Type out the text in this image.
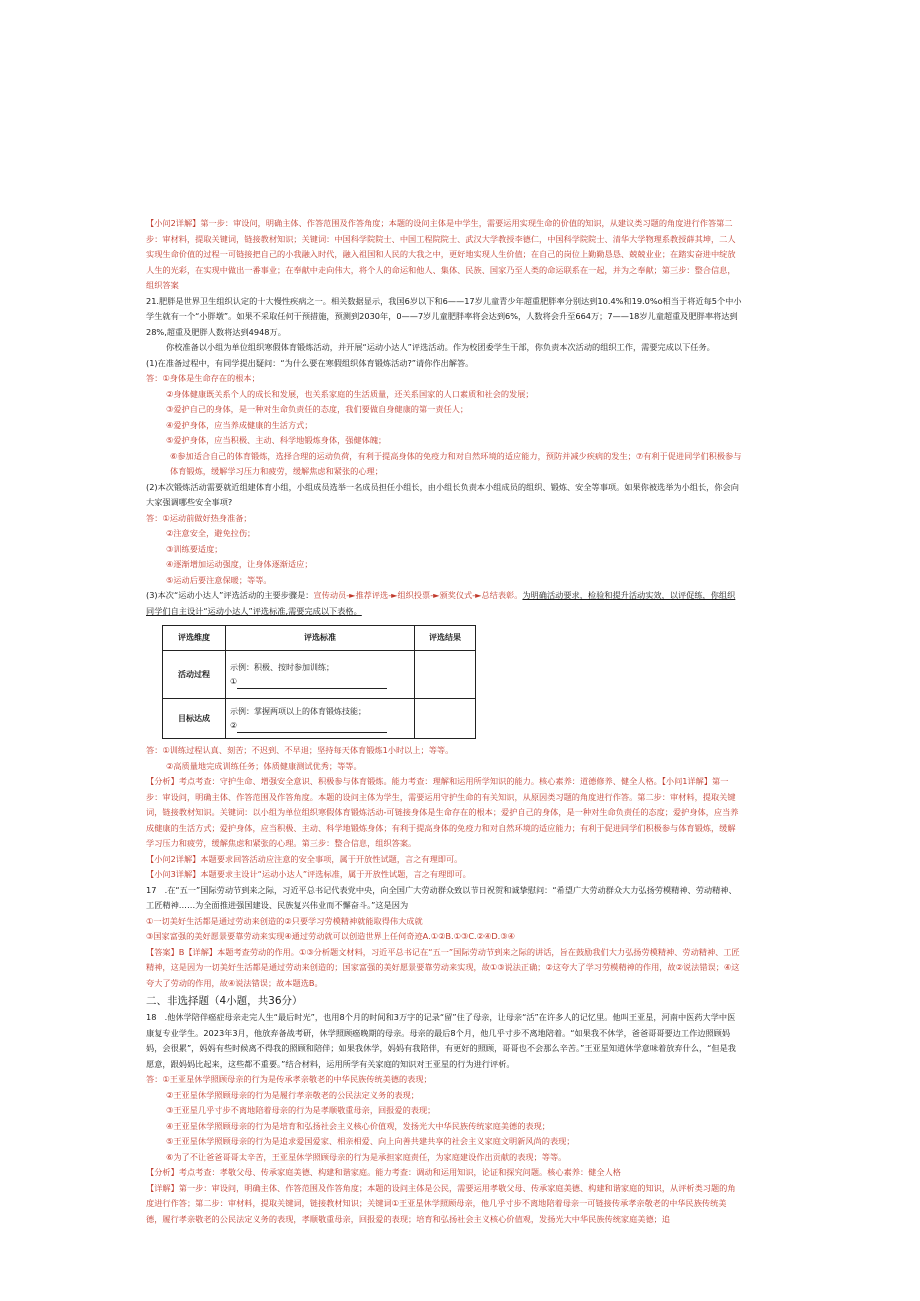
【小问2详解】第一步：审设问，明确主体、作答范围及作答角度；本题的设问主体是中学生，需要运用实现生命的价值的知识，从建议类习题的角度进行作答第二步：审材料，提取关键词，链接教材知识；关键词：中国科学院院士、中国工程院院士、武汉大学教授李德仁，中国科学院院士、清华大学物理系教授薛其坤，二人实现生命价值的过程一可链接把自己的小我融入时代，融入祖国和人民的大我之中，更好地实现人生价值；在自己的岗位上勤勤恳恳、兢兢业业；在踏实奋进中绽放人生的光彩，在实现中做出一番事业；在奉献中走向伟大，将个人的命运和他人、集体、民族、国家乃至人类的命运联系在一起，并为之奉献；第三步：整合信息，组织答案

21.肥胖是世界卫生组织认定的十大慢性疾病之一。相关数据显示，我国6岁以下和6——17岁儿童青少年超重肥胖率分别达到10.4%和19.0%o相当于将近每5个中小学生就有一个“小胖墩”。如果不采取任何干预措施，预测到2030年，0——7岁儿童肥胖率将会达到6%，人数将会升至664万；7——18岁儿童超重及肥胖率将达到28%,超重及肥胖人数将达到4948万。

你校准备以小组为单位组织寒假体育锻炼活动，并开展“运动小达人”评选活动。作为校团委学生干部，你负责本次活动的组织工作，需要完成以下任务。

(1)在准备过程中，有同学提出疑问：“为什么要在寒假组织体育锻炼活动?”请你作出解答。

答：①身体是生命存在的根本；

②身体健康既关系个人的成长和发展，也关系家庭的生活质量，还关系国家的人口素质和社会的发展；

③爱护自己的身体，是一种对生命负责任的态度，我们要做自身健康的第一责任人；

④爱护身体，应当养成健康的生活方式；

⑤爱护身体，应当积极、主动、科学地锻炼身体，强健体魄；

⑥参加适合自己的体育锻炼，选择合理的运动负荷，有利于提高身体的免疫力和对自然环境的适应能力，预防并减少疾病的发生；⑦有利于促进同学们积极参与体育锻炼，缓解学习压力和疲劳，缓解焦虑和紧张的心理；

(2)本次锻炼活动需要就近组建体育小组，小组成员选举一名成员担任小组长，由小组长负责本小组成员的组织、锻炼、安全等事项。如果你被选举为小组长，你会向大家强调哪些安全事项?

答：①运动前做好热身准备；

②注意安全，避免拉伤；

③训练要适度；

④逐渐增加运动强度，让身体逐渐适应；

⑤运动后要注意保暖；等等。

(3)本次“运动小达人”评选活动的主要步骤是：宣传动员-►推荐评选-►组织投票-►颁奖仪式-►总结表彰。为明确活动要求，检验和提升活动实效，以评促练，你组织同学们自主设计“运动小达人”评选标准,需要完成以下表格。

评选维度	评选标准	评选结果
活动过程	示例：积极、按时参加训练；
①	

目标达成	示例：掌握两项以上的体育锻炼技能；
②	

答：①训练过程认真、刻苦；不迟到、不早退；坚持每天体育锻炼1小时以上；等等。

②高质量地完成训练任务；体质健康测试优秀；等等。

【分析】考点考查：守护生命、增强安全意识、积极参与体育锻炼。能力考查：理解和运用所学知识的能力。核心素养：道德修养、健全人格。【小问1详解】第一步：审设问，明确主体、作答范围及作答角度。本题的设问主体为学生，需要运用守护生命的有关知识，从原因类习题的角度进行作答。第二步：审材料，提取关键词，链接教材知识。关键词：以小组为单位组织寒假体育锻炼活动-可链接身体是生命存在的根本；爱护自己的身体，是一种对生命负责任的态度；爱护身体，应当养成健康的生活方式；爱护身体，应当积极、主动、科学地锻炼身体；有利于提高身体的免疫力和对自然环境的适应能力；有利于促进同学们积极参与体育锻炼，缓解学习压力和疲劳，缓解焦虑和紧张的心理。第三步：整合信息，组织答案。

【小问2详解】本题要求回答活动应注意的安全事项，属于开放性试题，言之有理即可。

【小问3详解】本题要求主设计“运动小达人”评选标准，属于开放性试题，言之有理即可。

17　.在“五一”国际劳动节到来之际，习近平总书记代表党中央，向全国广大劳动群众致以节日祝贺和诚挚慰问：“希望广大劳动群众大力弘扬劳模精神、劳动精神、工匠精神……为全面推进强国建设、民族复兴伟业而不懈奋斗。”这是因为

①一切美好生活都是通过劳动来创造的②只要学习劳模精神就能取得伟大成就

③国家富强的美好愿景要靠劳动来实现④通过劳动就可以创造世界上任何奇迹A.①②B.①③C.②④D.③④

【答案】B【详解】本题考查劳动的作用。①③分析题文材料，习近平总书记在“五一”国际劳动节到来之际的讲话，旨在鼓励我们大力弘扬劳模精神、劳动精神、工匠精神，这是因为一切美好生活都是通过劳动来创造的；国家富强的美好愿景要靠劳动来实现，故①③说法正确；②这夸大了学习劳模精神的作用，故②说法错误；④这夸大了劳动的作用，故④说法错误；故本题选B。

二、非选择题（4小题，共36分）

18　.他休学陪伴癌症母亲走完人生“最后时光”，也用8个月的时间和3万字的记录“留”住了母亲，让母亲“活”在许多人的记忆里。他叫王亚星，河南中医药大学中医康复专业学生。2023年3月，他放弃备战考研，休学照顾癌晚期的母亲。母亲的最后8个月，他几乎寸步不离地陪着。“如果我不休学，爸爸哥哥要边工作边照顾妈妈，会很累”，妈妈有些时候离不得我的照顾和陪伴；如果我休学，妈妈有我陪伴，有更好的照顾，哥哥也不会那么辛苦。”王亚星知道休学意味着放弃什么，“但是我愿意，跟妈妈比起来，这些都不重要。”结合材料，运用所学有关家庭的知识对王亚星的行为进行评析。

答：①王亚星休学照顾母亲的行为是传承孝亲敬老的中华民族传统美德的表现；

②王亚星休学照顾母亲的行为是履行孝亲敬老的公民法定义务的表现；

③王亚星几乎寸步不离地陪着母亲的行为是孝顺敬重母亲，回报爱的表现；

④王亚星休学照顾母亲的行为是培育和弘扬社会主义核心价值观，发扬光大中华民族传统家庭美德的表现；

⑤王亚星休学照顾母亲的行为是追求爱国爱家、相亲相爱、向上向善共建共享的社会主义家庭文明新风尚的表现；

⑥为了不让爸爸哥哥太辛苦，王亚星休学照顾母亲的行为是承担家庭责任，为家庭建设作出贡献的表现；等等。

【分析】考点考查：孝敬父母、传承家庭美德、构建和谐家庭。能力考查：调动和运用知识，论证和探究问题。核心素养：健全人格

【详解】第一步：审设问，明确主体、作答范围及作答角度；本题的设问主体是公民，需要运用孝敬父母、传承家庭美德、构建和谐家庭的知识，从评析类习题的角度进行作答；第二步：审材料，提取关键词，链接教材知识；关键词①王亚星休学照顾母亲，他几乎寸步不离地陪着母亲一可链接传承孝亲敬老的中华民族传统美德，履行孝亲敬老的公民法定义务的表现，孝顺敬重母亲，回报爱的表现；培育和弘扬社会主义核心价值观，发扬光大中华民族传统家庭美德；追
